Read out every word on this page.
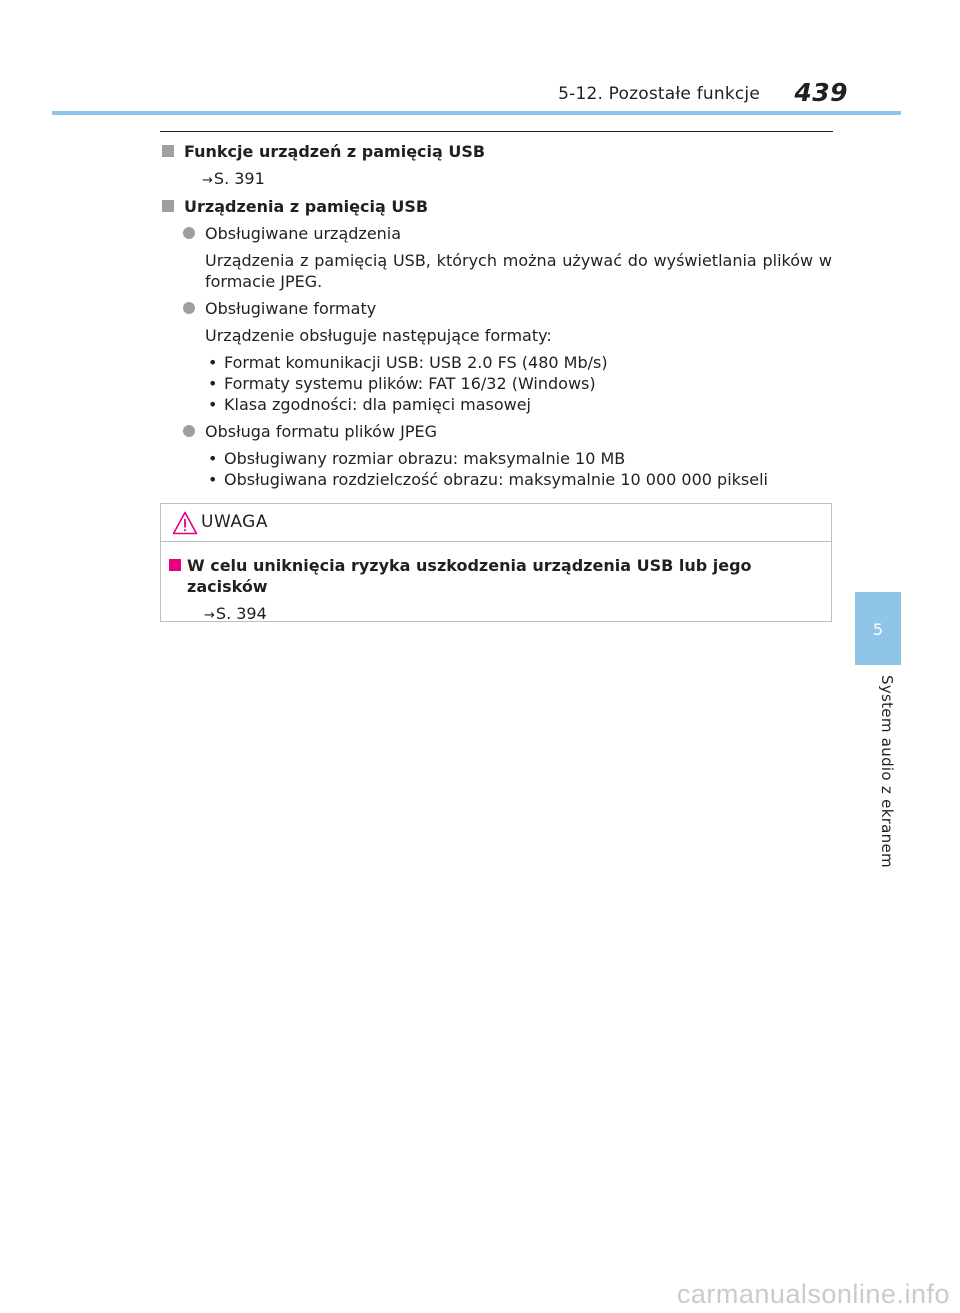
5-12. Pozostałe funkcje 439
5
System audio z ekranem

Funkcje urządzeń z pamięcią USB

→S. 391

Urządzenia z pamięcią USB

Obsługiwane urządzenia

Urządzenia z pamięcią USB, których można używać do wyświetlania plików w formacie JPEG.

Obsługiwane formaty

Urządzenie obsługuje następujące formaty:

• Format komunikacji USB: USB 2.0 FS (480 Mb/s)

• Formaty systemu plików: FAT 16/32 (Windows)

• Klasa zgodności: dla pamięci masowej

Obsługa formatu plików JPEG

• Obsługiwany rozmiar obrazu: maksymalnie 10 MB

• Obsługiwana rozdzielczość obrazu: maksymalnie 10 000 000 pikseli

UWAGA

W celu uniknięcia ryzyka uszkodzenia urządzenia USB lub jego zacisków

→S. 394

carmanualsonline.info
